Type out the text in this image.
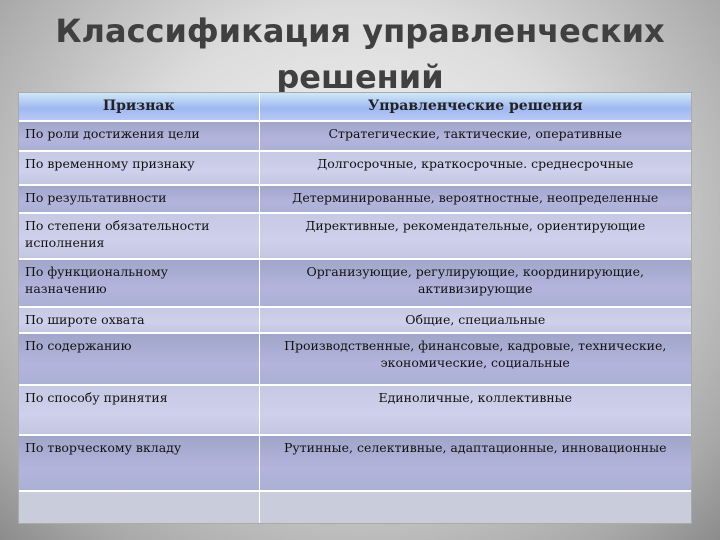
Классификация управленческих решений
Признак	Управленческие решения
По роли достижения цели	Стратегические, тактические, оперативные
По временному признаку	Долгосрочные, краткосрочные. среднесрочные
По результативности	Детерминированные, вероятностные, неопределенные
По степени обязательности исполнения	Директивные, рекомендательные, ориентирующие
По функциональному назначению	Организующие, регулирующие, координирующие, активизирующие
По широте охвата	Общие, специальные
По содержанию	Производственные, финансовые, кадровые, технические, экономические, социальные
По способу принятия	Единоличные, коллективные
По творческому вкладу	Рутинные, селективные, адаптационные, инновационные
